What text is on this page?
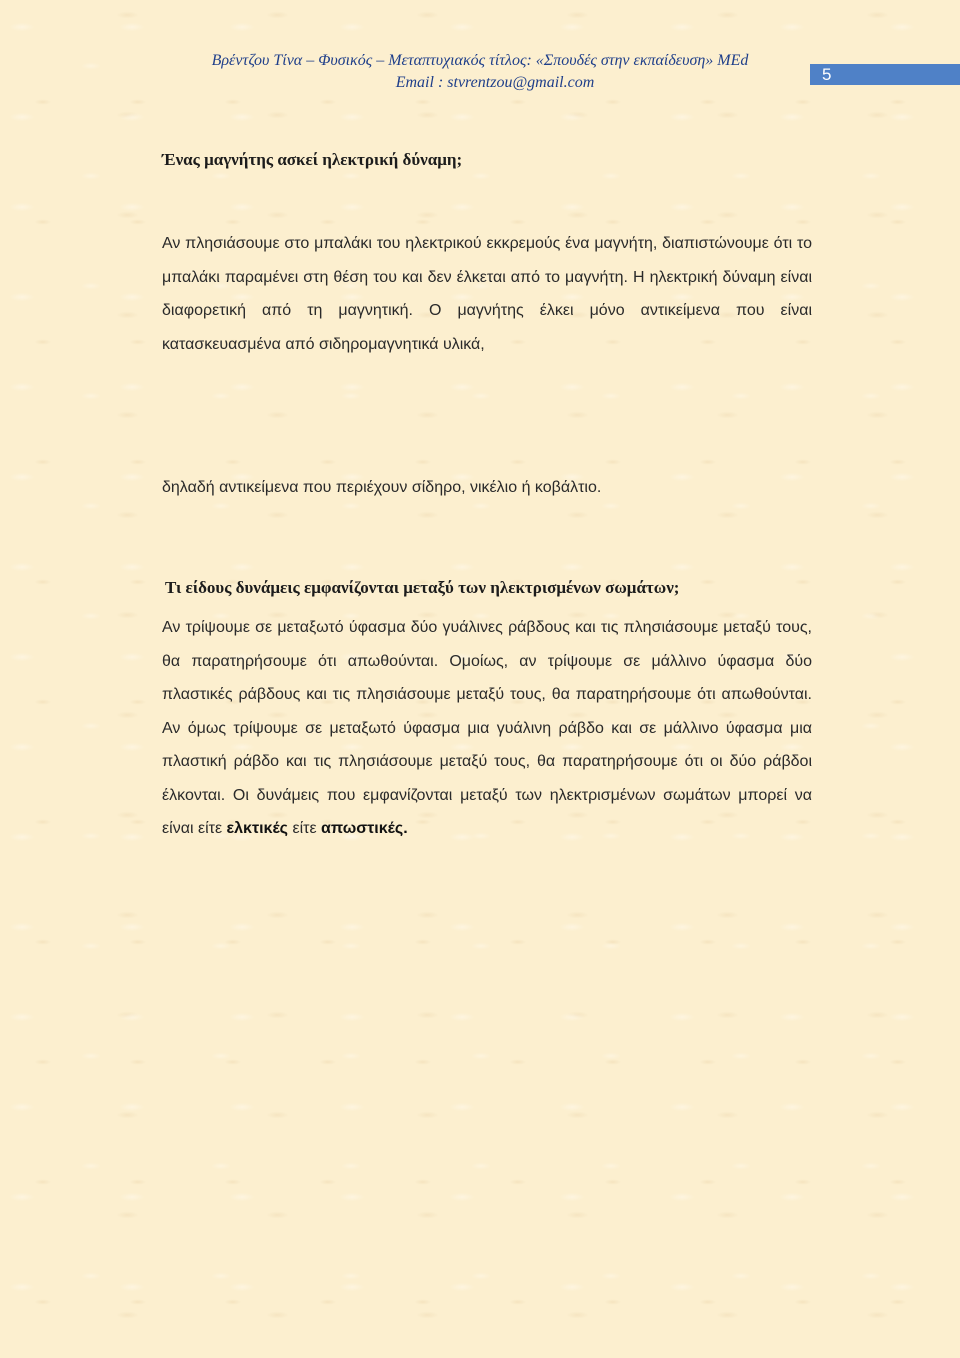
Βρέντζου Τίνα – Φυσικός – Μεταπτυχιακός τίτλος: «Σπουδές στην εκπαίδευση» MEd
Email : stvrentzou@gmail.com	5
Ένας μαγνήτης ασκεί ηλεκτρική δύναμη;

Αν πλησιάσουμε στο μπαλάκι του ηλεκτρικού εκκρεμούς ένα μαγνήτη, διαπιστώνουμε ότι το μπαλάκι παραμένει στη θέση του και δεν έλκεται από το μαγνήτη. Η ηλεκτρική δύναμη είναι διαφορετική από τη μαγνητική. Ο μαγνήτης έλκει μόνο αντικείμενα που είναι κατασκευασμένα από σιδηρομαγνητικά υλικά,

δηλαδή αντικείμενα που περιέχουν σίδηρο, νικέλιο ή κοβάλτιο.

Τι είδους δυνάμεις εμφανίζονται μεταξύ των ηλεκτρισμένων σωμάτων;

Αν τρίψουμε σε μεταξωτό ύφασμα δύο γυάλινες ράβδους και τις πλησιάσουμε μεταξύ τους, θα παρατηρήσουμε ότι απωθούνται. Ομοίως, αν τρίψουμε σε μάλλινο ύφασμα δύο πλαστικές ράβδους και τις πλησιάσουμε μεταξύ τους, θα παρατηρήσουμε ότι απωθούνται. Αν όμως τρίψουμε σε μεταξωτό ύφασμα μια γυάλινη ράβδο και σε μάλλινο ύφασμα μια πλαστική ράβδο και τις πλησιάσουμε μεταξύ τους, θα παρατηρήσουμε ότι οι δύο ράβδοι έλκονται. Οι δυνάμεις που εμφανίζονται μεταξύ των ηλεκτρισμένων σωμάτων μπορεί να είναι είτε ελκτικές είτε απωστικές.
